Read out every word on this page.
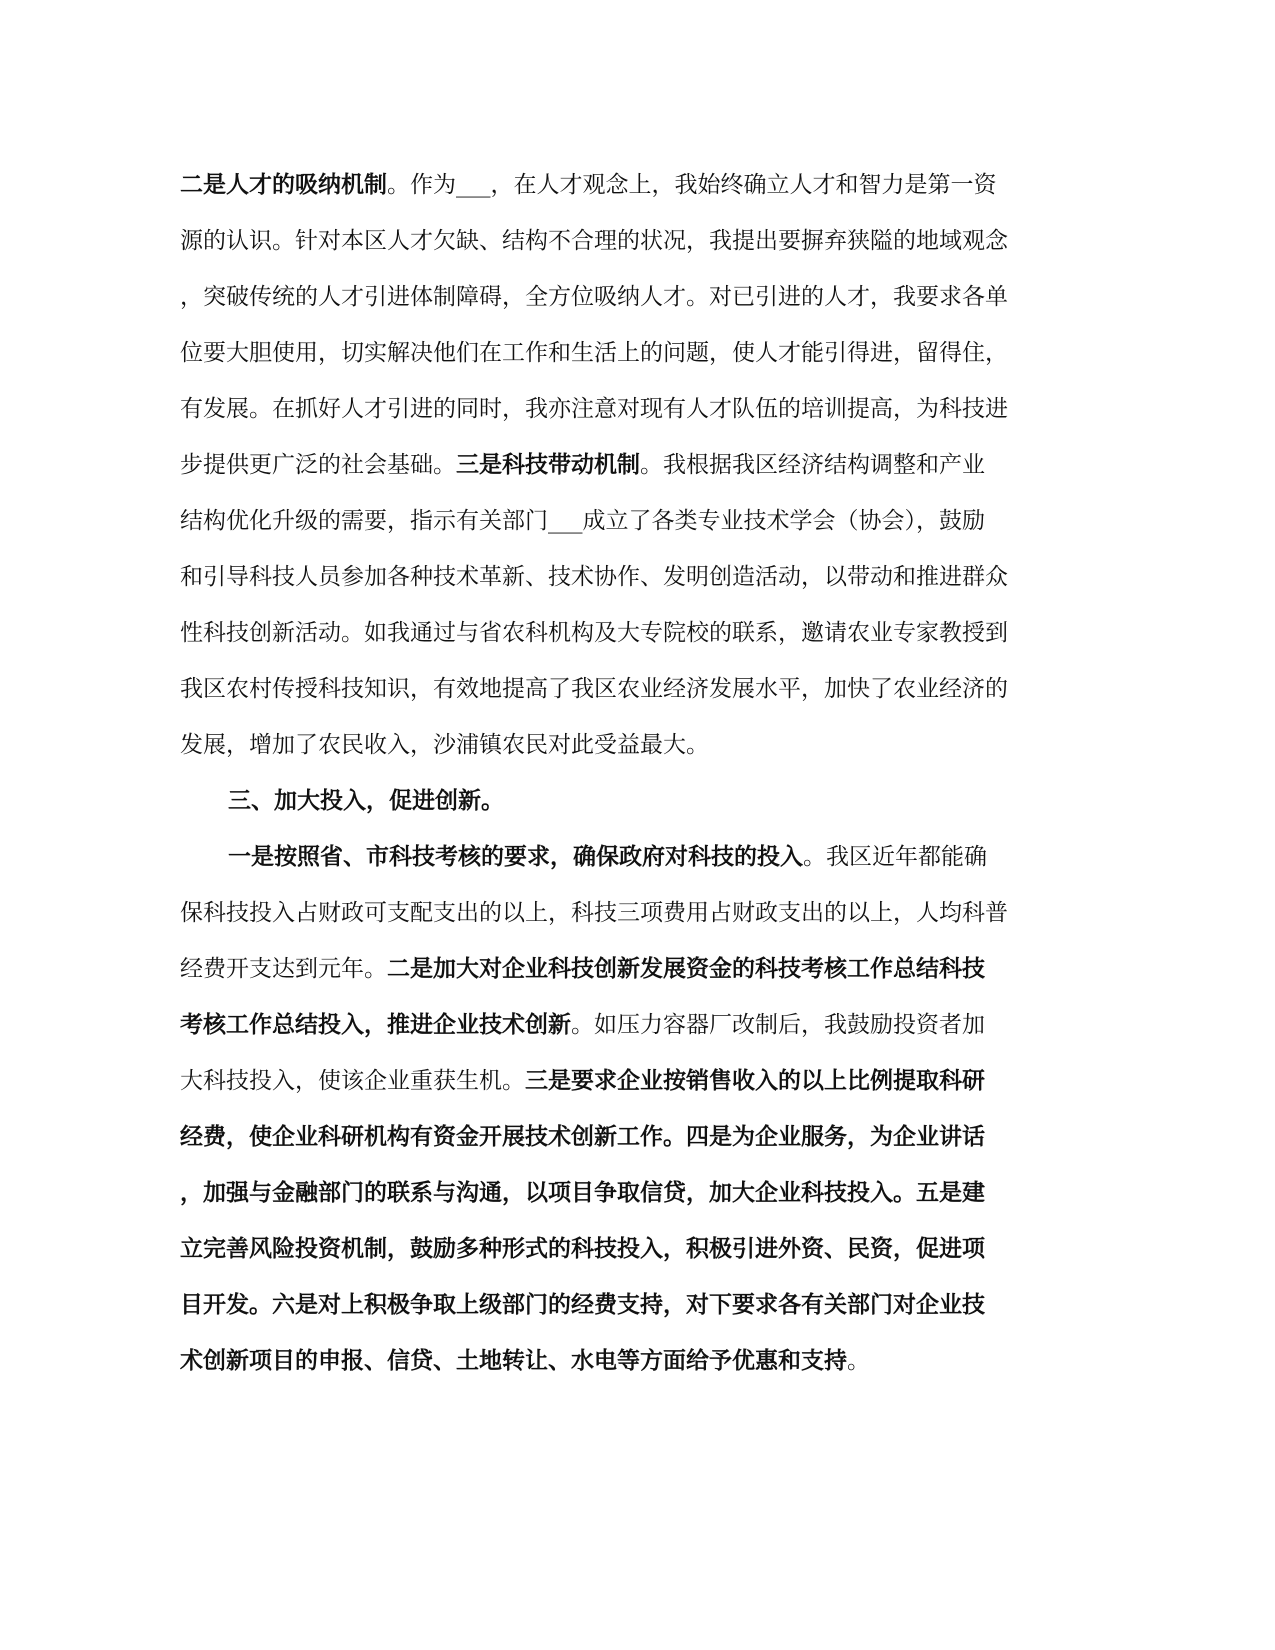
二是人才的吸纳机制。作为___，在人才观念上，我始终确立人才和智力是第一资
源的认识。针对本区人才欠缺、结构不合理的状况，我提出要摒弃狭隘的地域观念
，突破传统的人才引进体制障碍，全方位吸纳人才。对已引进的人才，我要求各单
位要大胆使用，切实解决他们在工作和生活上的问题，使人才能引得进，留得住，
有发展。在抓好人才引进的同时，我亦注意对现有人才队伍的培训提高，为科技进
步提供更广泛的社会基础。三是科技带动机制。我根据我区经济结构调整和产业
结构优化升级的需要，指示有关部门___成立了各类专业技术学会（协会），鼓励
和引导科技人员参加各种技术革新、技术协作、发明创造活动，以带动和推进群众
性科技创新活动。如我通过与省农科机构及大专院校的联系，邀请农业专家教授到
我区农村传授科技知识，有效地提高了我区农业经济发展水平，加快了农业经济的
发展，增加了农民收入，沙浦镇农民对此受益最大。
三、加大投入，促进创新。
一是按照省、市科技考核的要求，确保政府对科技的投入。我区近年都能确
保科技投入占财政可支配支出的以上，科技三项费用占财政支出的以上，人均科普
经费开支达到元年。二是加大对企业科技创新发展资金的科技考核工作总结科技
考核工作总结投入，推进企业技术创新。如压力容器厂改制后，我鼓励投资者加
大科技投入，使该企业重获生机。三是要求企业按销售收入的以上比例提取科研
经费，使企业科研机构有资金开展技术创新工作。四是为企业服务，为企业讲话
，加强与金融部门的联系与沟通，以项目争取信贷，加大企业科技投入。五是建
立完善风险投资机制，鼓励多种形式的科技投入，积极引进外资、民资，促进项
目开发。六是对上积极争取上级部门的经费支持，对下要求各有关部门对企业技
术创新项目的申报、信贷、土地转让、水电等方面给予优惠和支持。
